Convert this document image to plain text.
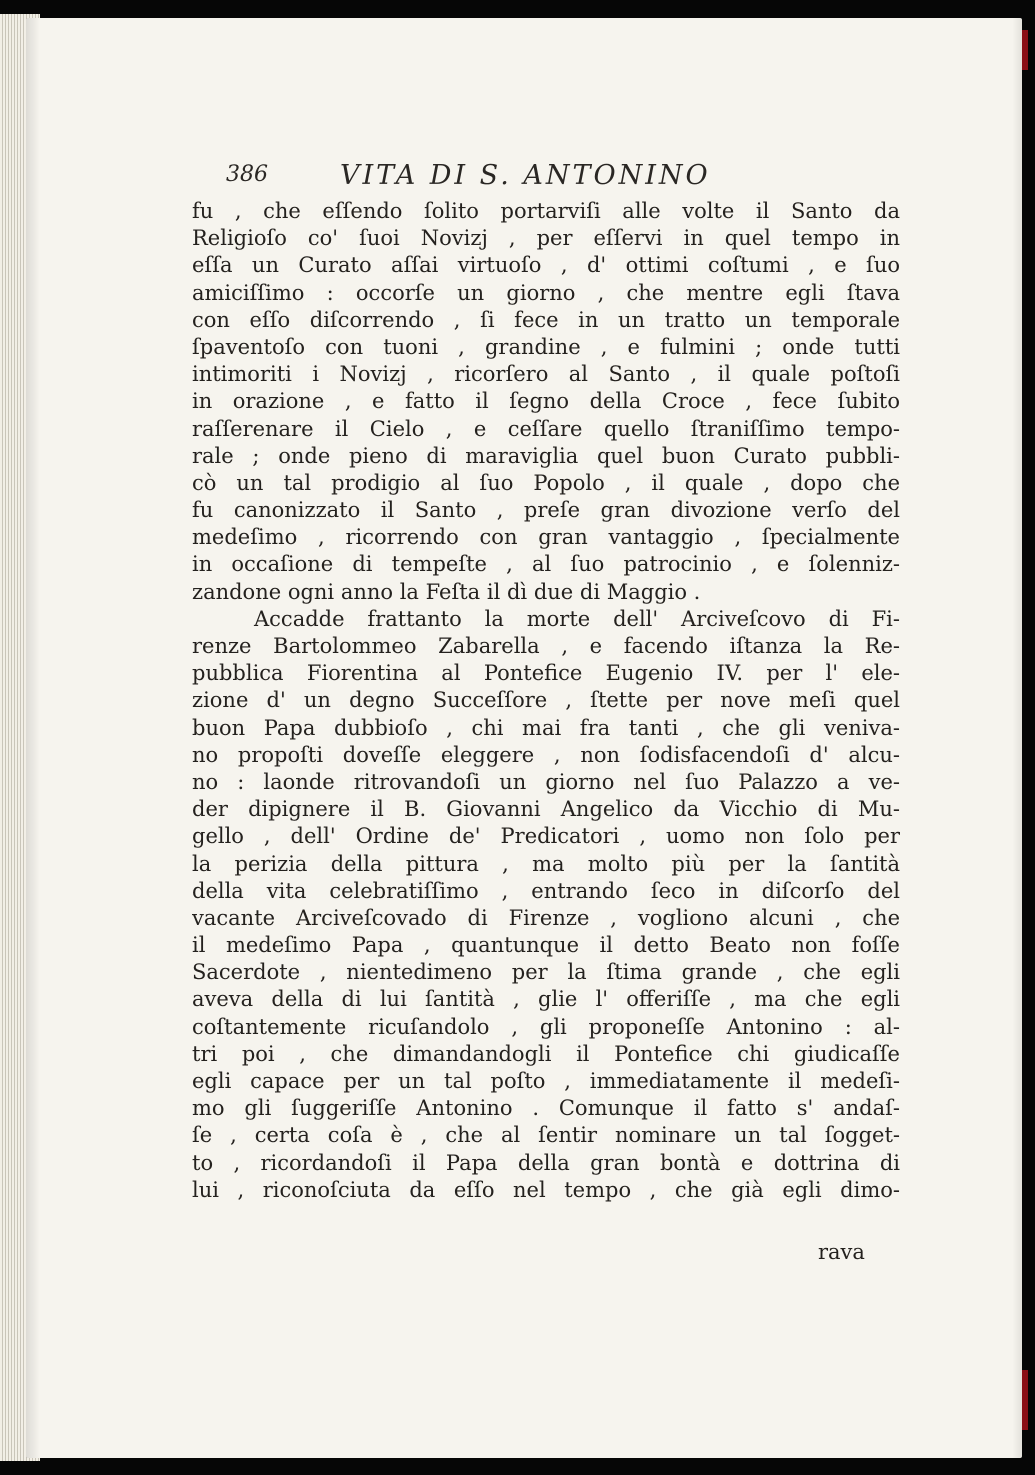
386	VITA DI S. ANTONINO
fu , che eſſendo ſolito portarviſi alle volte il Santo da
Religioſo co' ſuoi Novizj , per eſſervi in quel tempo in
eſſa un Curato aſſai virtuoſo , d' ottimi coſtumi , e ſuo
amiciſſimo : occorſe un giorno , che mentre egli ſtava
con eſſo diſcorrendo , ſi fece in un tratto un temporale
ſpaventoſo con tuoni , grandine , e fulmini ; onde tutti
intimoriti i Novizj , ricorſero al Santo , il quale poſtoſi
in orazione , e fatto il ſegno della Croce , fece ſubito
raſſerenare il Cielo , e ceſſare quello ſtraniſſimo tempo-
rale ; onde pieno di maraviglia quel buon Curato pubbli-
cò un tal prodigio al ſuo Popolo , il quale , dopo che
fu canonizzato il Santo , preſe gran divozione verſo del
medeſimo , ricorrendo con gran vantaggio , ſpecialmente
in occaſione di tempeſte , al ſuo patrocinio , e ſolenniz-
zandone ogni anno la Feſta il dì due di Maggio .
Accadde frattanto la morte dell' Arciveſcovo di Fi-
renze Bartolommeo Zabarella , e facendo iſtanza la Re-
pubblica Fiorentina al Pontefice Eugenio IV. per l' ele-
zione d' un degno Succeſſore , ſtette per nove meſi quel
buon Papa dubbioſo , chi mai fra tanti , che gli veniva-
no propoſti doveſſe eleggere , non ſodisfacendoſi d' alcu-
no : laonde ritrovandoſi un giorno nel ſuo Palazzo a ve-
der dipignere il B. Giovanni Angelico da Vicchio di Mu-
gello , dell' Ordine de' Predicatori , uomo non ſolo per
la perizia della pittura , ma molto più per la ſantità
della vita celebratiſſimo , entrando ſeco in diſcorſo del
vacante Arciveſcovado di Firenze , vogliono alcuni , che
il medeſimo Papa , quantunque il detto Beato non foſſe
Sacerdote , nientedimeno per la ſtima grande , che egli
aveva della di lui ſantità , glie l' offeriſſe , ma che egli
coſtantemente ricuſandolo , gli proponeſſe Antonino : al-
tri poi , che dimandandogli il Pontefice chi giudicaſſe
egli capace per un tal poſto , immediatamente il medeſi-
mo gli ſuggeriſſe Antonino . Comunque il fatto s' andaſ-
ſe , certa coſa è , che al ſentir nominare un tal ſogget-
to , ricordandoſi il Papa della gran bontà e dottrina di
lui , riconoſciuta da eſſo nel tempo , che già egli dimo-
rava
